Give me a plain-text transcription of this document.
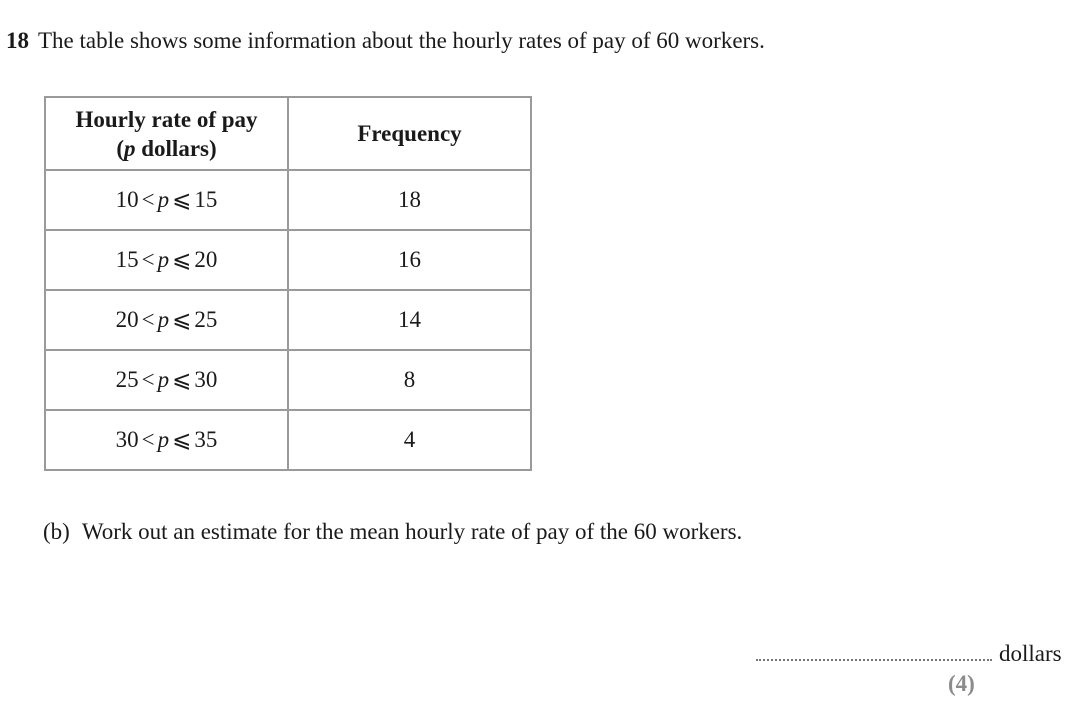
18 The table shows some information about the hourly rates of pay of 60 workers.
Hourly rate of pay
(p dollars)	Frequency
10 < p ⩽ 15	18
15 < p ⩽ 20	16
20 < p ⩽ 25	14
25 < p ⩽ 30	8
30 < p ⩽ 35	4
(b) Work out an estimate for the mean hourly rate of pay of the 60 workers.
dollars
(4)
